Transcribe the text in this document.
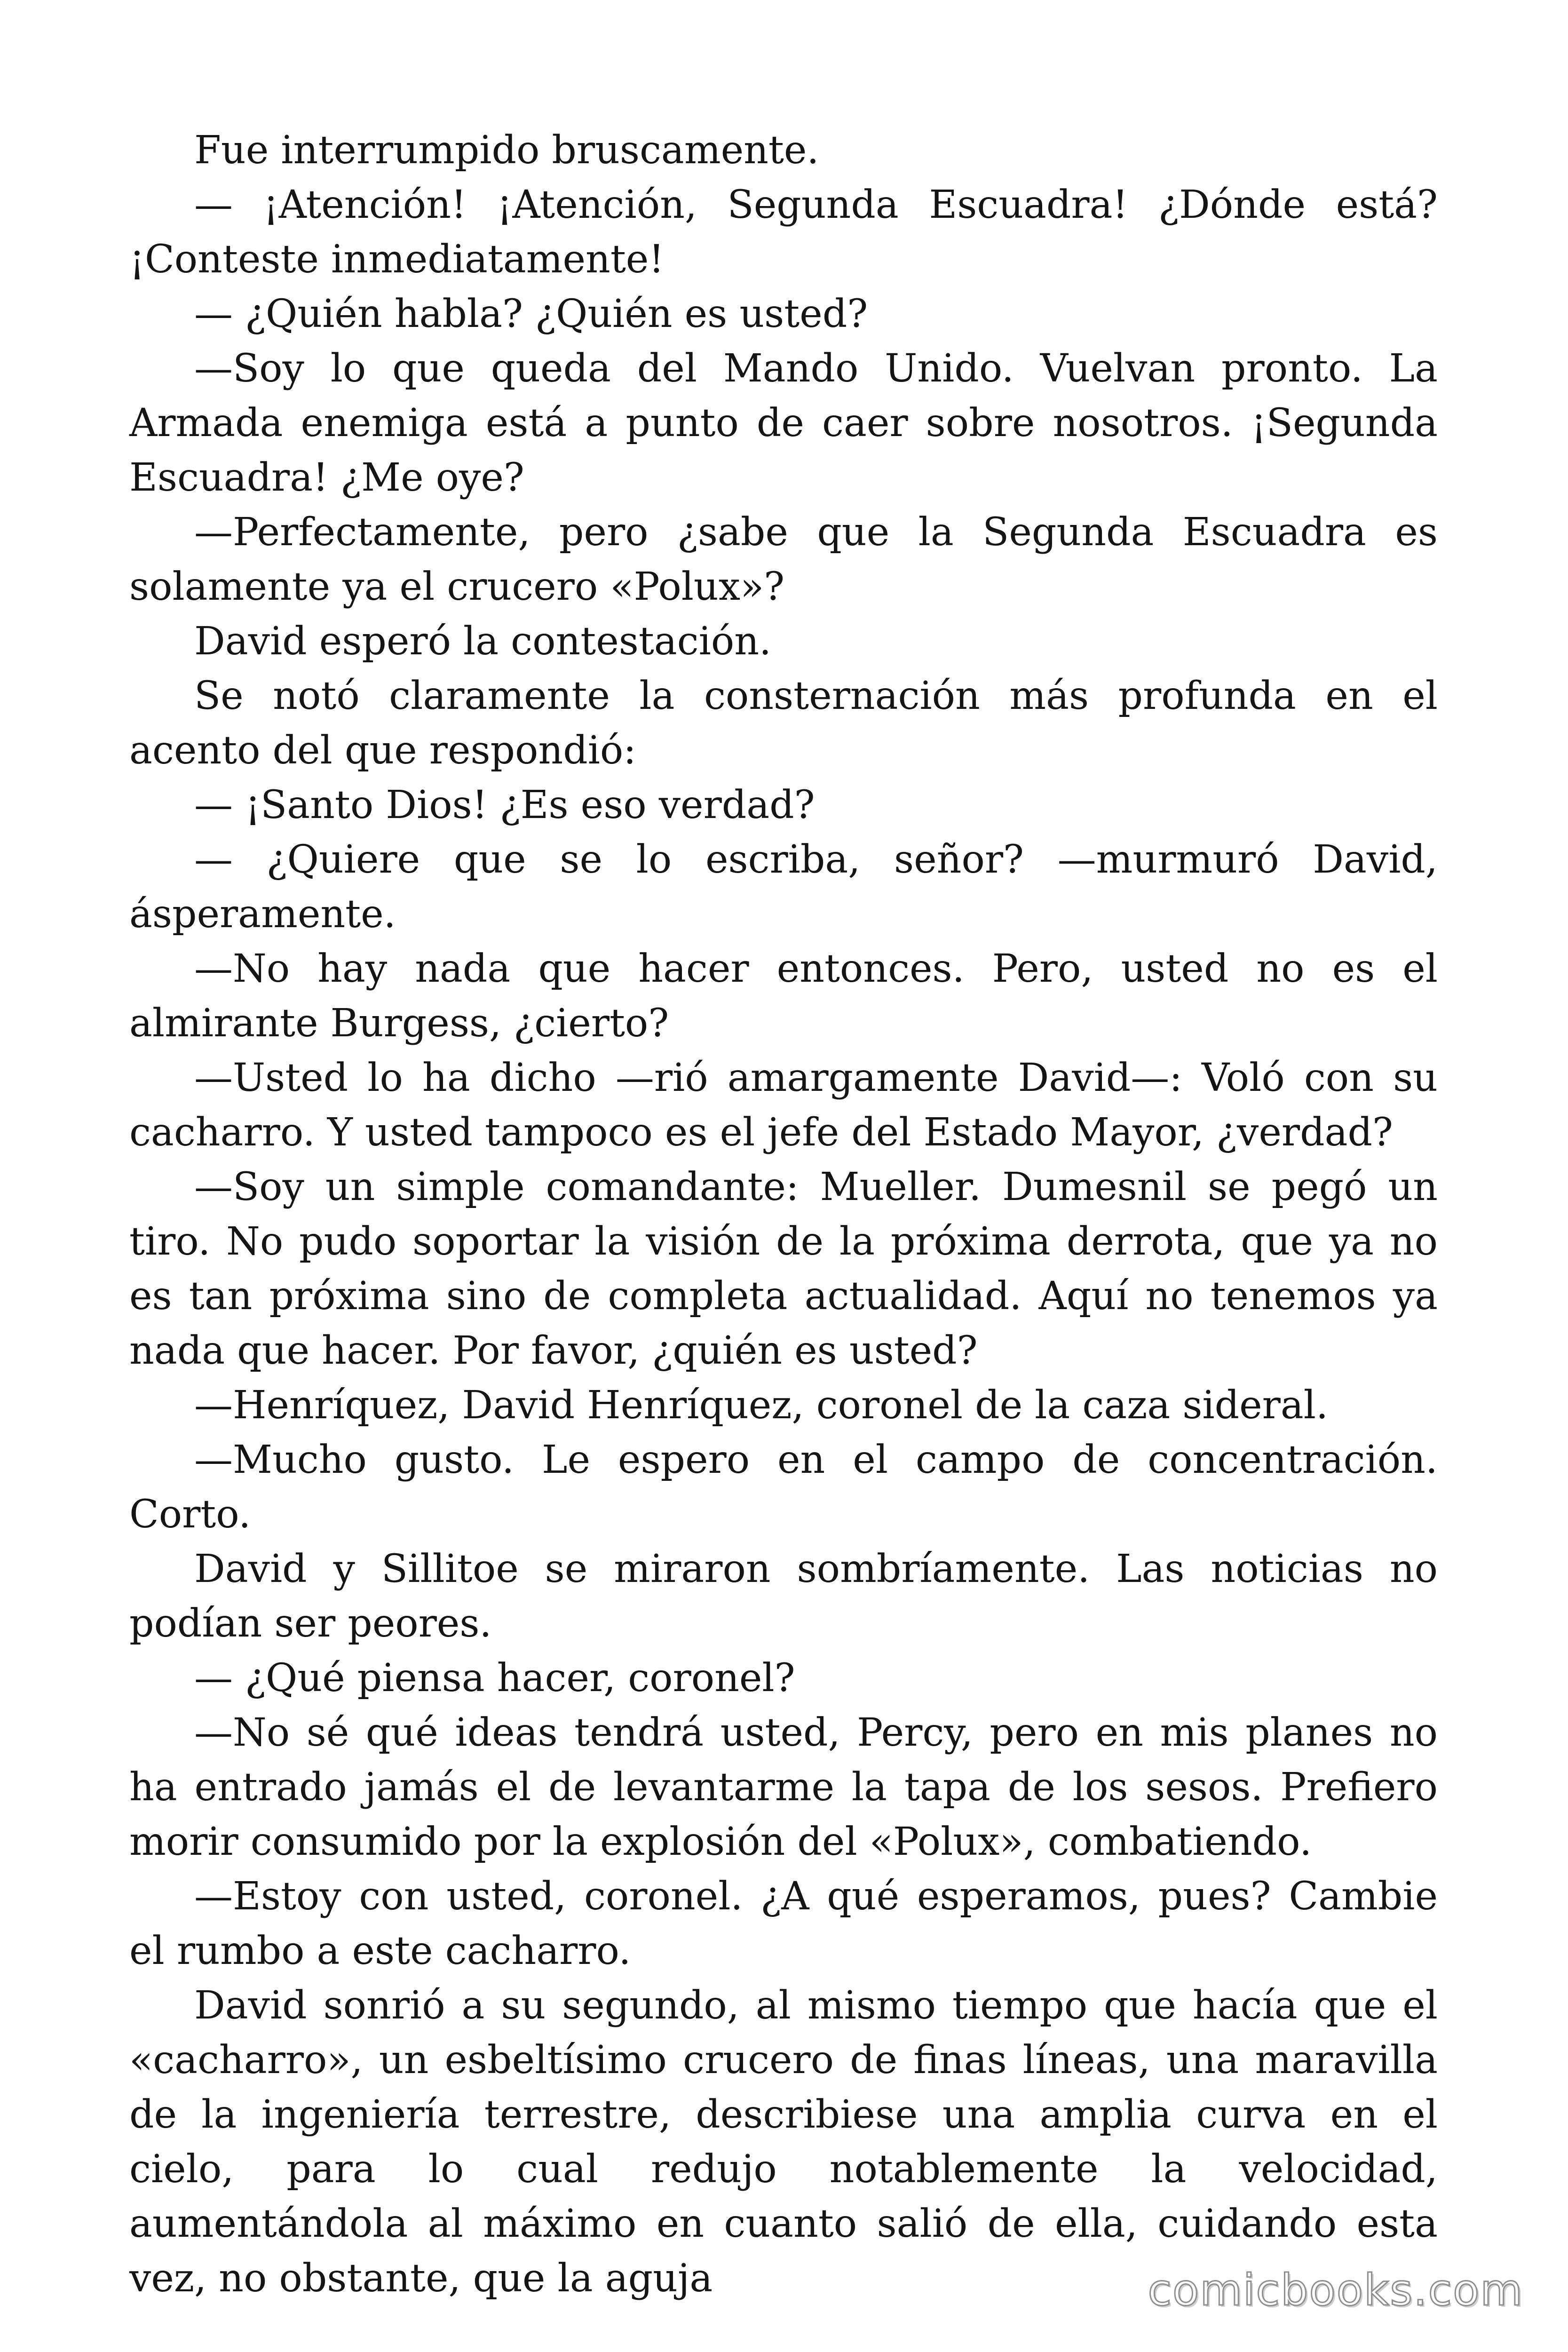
Fue interrumpido bruscamente.

— ¡Atención! ¡Atención, Segunda Escuadra! ¿Dónde está? ¡Conteste inmediatamente!

— ¿Quién habla? ¿Quién es usted?

—Soy lo que queda del Mando Unido. Vuelvan pronto. La Armada enemiga está a punto de caer sobre nosotros. ¡Segunda Escuadra! ¿Me oye?

—Perfectamente, pero ¿sabe que la Segunda Escuadra es solamente ya el crucero «Polux»?

David esperó la contestación.

Se notó claramente la consternación más profunda en el acento del que respondió:

— ¡Santo Dios! ¿Es eso verdad?

— ¿Quiere que se lo escriba, señor? —murmuró David, ásperamente.

—No hay nada que hacer entonces. Pero, usted no es el almirante Burgess, ¿cierto?

—Usted lo ha dicho —rió amargamente David—: Voló con su cacharro. Y usted tampoco es el jefe del Estado Mayor, ¿verdad?

—Soy un simple comandante: Mueller. Dumesnil se pegó un tiro. No pudo soportar la visión de la próxima derrota, que ya no es tan próxima sino de completa actualidad. Aquí no tenemos ya nada que hacer. Por favor, ¿quién es usted?

—Henríquez, David Henríquez, coronel de la caza sideral.

—Mucho gusto. Le espero en el campo de concentración. Corto.

David y Sillitoe se miraron sombríamente. Las noticias no podían ser peores.

— ¿Qué piensa hacer, coronel?

—No sé qué ideas tendrá usted, Percy, pero en mis planes no ha entrado jamás el de levantarme la tapa de los sesos. Prefiero morir consumido por la explosión del «Polux», combatiendo.

—Estoy con usted, coronel. ¿A qué esperamos, pues? Cambie el rumbo a este cacharro.

David sonrió a su segundo, al mismo tiempo que hacía que el «cacharro», un esbeltísimo crucero de finas líneas, una maravilla de la ingeniería terrestre, describiese una amplia curva en el cielo, para lo cual redujo notablemente la velocidad, aumentándola al máximo en cuanto salió de ella, cuidando esta vez, no obstante, que la aguja	comicbooks.com
